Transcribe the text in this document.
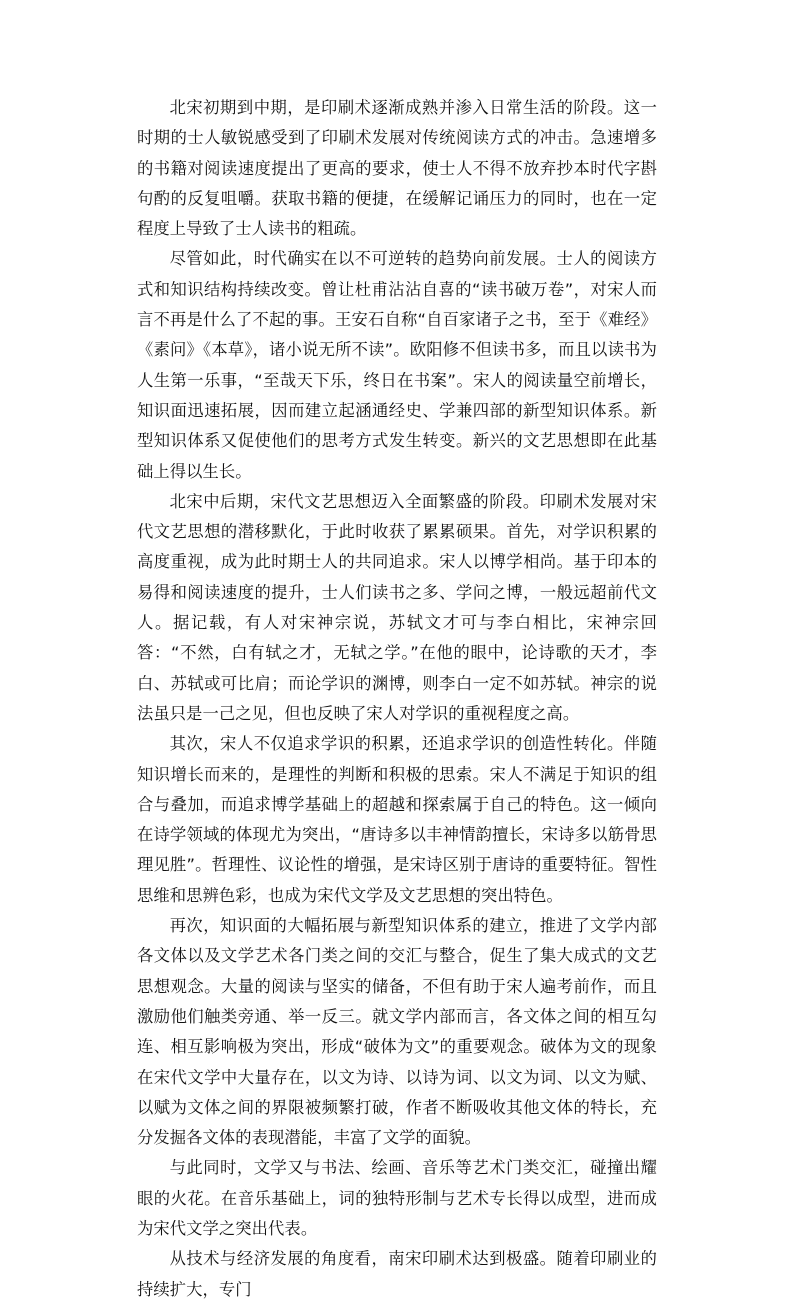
北宋初期到中期，是印刷术逐渐成熟并渗入日常生活的阶段。这一时期的士人敏锐感受到了印刷术发展对传统阅读方式的冲击。急速增多的书籍对阅读速度提出了更高的要求，使士人不得不放弃抄本时代字斟句酌的反复咀嚼。获取书籍的便捷，在缓解记诵压力的同时，也在一定程度上导致了士人读书的粗疏。

尽管如此，时代确实在以不可逆转的趋势向前发展。士人的阅读方式和知识结构持续改变。曾让杜甫沾沾自喜的“读书破万卷”，对宋人而言不再是什么了不起的事。王安石自称“自百家诸子之书，至于《难经》《素问》《本草》，诸小说无所不读”。欧阳修不但读书多，而且以读书为人生第一乐事，“至哉天下乐，终日在书案”。宋人的阅读量空前增长，知识面迅速拓展，因而建立起涵通经史、学兼四部的新型知识体系。新型知识体系又促使他们的思考方式发生转变。新兴的文艺思想即在此基础上得以生长。

北宋中后期，宋代文艺思想迈入全面繁盛的阶段。印刷术发展对宋代文艺思想的潜移默化，于此时收获了累累硕果。首先，对学识积累的高度重视，成为此时期士人的共同追求。宋人以博学相尚。基于印本的易得和阅读速度的提升，士人们读书之多、学问之博，一般远超前代文人。据记载，有人对宋神宗说，苏轼文才可与李白相比，宋神宗回答：“不然，白有轼之才，无轼之学。”在他的眼中，论诗歌的天才，李白、苏轼或可比肩；而论学识的渊博，则李白一定不如苏轼。神宗的说法虽只是一己之见，但也反映了宋人对学识的重视程度之高。

其次，宋人不仅追求学识的积累，还追求学识的创造性转化。伴随知识增长而来的，是理性的判断和积极的思索。宋人不满足于知识的组合与叠加，而追求博学基础上的超越和探索属于自己的特色。这一倾向在诗学领域的体现尤为突出，“唐诗多以丰神情韵擅长，宋诗多以筋骨思理见胜”。哲理性、议论性的增强，是宋诗区别于唐诗的重要特征。智性思维和思辨色彩，也成为宋代文学及文艺思想的突出特色。

再次，知识面的大幅拓展与新型知识体系的建立，推进了文学内部各文体以及文学艺术各门类之间的交汇与整合，促生了集大成式的文艺思想观念。大量的阅读与坚实的储备，不但有助于宋人遍考前作，而且激励他们触类旁通、举一反三。就文学内部而言，各文体之间的相互勾连、相互影响极为突出，形成“破体为文”的重要观念。破体为文的现象在宋代文学中大量存在，以文为诗、以诗为词、以文为词、以文为赋、以赋为文体之间的界限被频繁打破，作者不断吸收其他文体的特长，充分发掘各文体的表现潜能，丰富了文学的面貌。

与此同时，文学又与书法、绘画、音乐等艺术门类交汇，碰撞出耀眼的火花。在音乐基础上，词的独特形制与艺术专长得以成型，进而成为宋代文学之突出代表。

从技术与经济发展的角度看，南宋印刷术达到极盛。随着印刷业的持续扩大，专门
